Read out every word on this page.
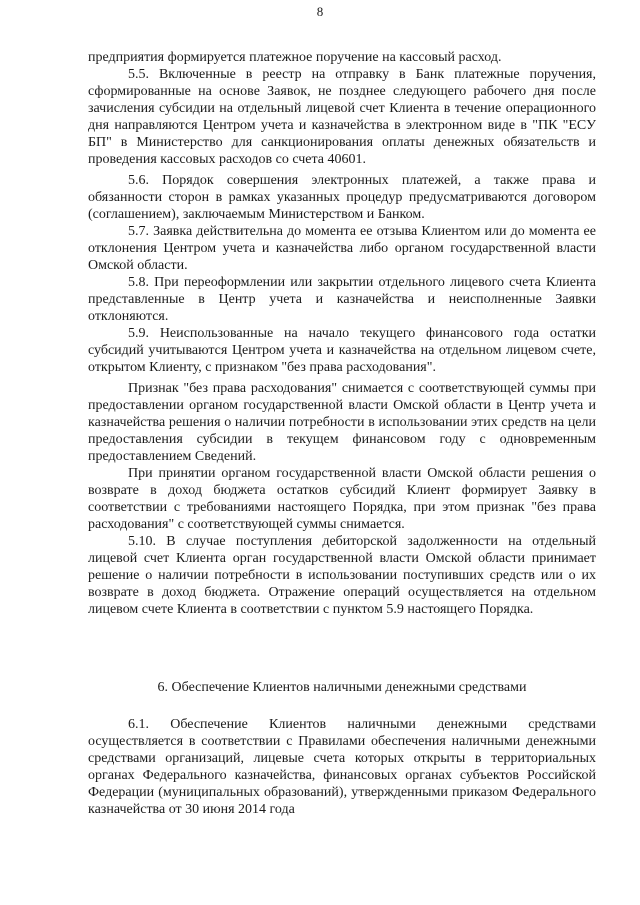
8

предприятия формируется платежное поручение на кассовый расход.

5.5. Включенные в реестр на отправку в Банк платежные поручения, сформированные на основе Заявок, не позднее следующего рабочего дня после зачисления субсидии на отдельный лицевой счет Клиента в течение операционного дня направляются Центром учета и казначейства в электронном виде в "ПК "ЕСУ БП" в Министерство для санкционирования оплаты денежных обязательств и проведения кассовых расходов со счета 40601.

5.6. Порядок совершения электронных платежей, а также права и обязанности сторон в рамках указанных процедур предусматриваются договором (соглашением), заключаемым Министерством и Банком.

5.7. Заявка действительна до момента ее отзыва Клиентом или до момента ее отклонения Центром учета и казначейства либо органом государственной власти Омской области.

5.8. При переоформлении или закрытии отдельного лицевого счета Клиента представленные в Центр учета и казначейства и неисполненные Заявки отклоняются.

5.9. Неиспользованные на начало текущего финансового года остатки субсидий учитываются Центром учета и казначейства на отдельном лицевом счете, открытом Клиенту, с признаком "без права расходования".

Признак "без права расходования" снимается с соответствующей суммы при предоставлении органом государственной власти Омской области в Центр учета и казначейства решения о наличии потребности в использовании этих средств на цели предоставления субсидии в текущем финансовом году с одновременным предоставлением Сведений.

При принятии органом государственной власти Омской области решения о возврате в доход бюджета остатков субсидий Клиент формирует Заявку в соответствии с требованиями настоящего Порядка, при этом признак "без права расходования" с соответствующей суммы снимается.

5.10. В случае поступления дебиторской задолженности на отдельный лицевой счет Клиента орган государственной власти Омской области принимает решение о наличии потребности в использовании поступивших средств или о их возврате в доход бюджета. Отражение операций осуществляется на отдельном лицевом счете Клиента в соответствии с пунктом 5.9 настоящего Порядка.

6. Обеспечение Клиентов наличными денежными средствами

6.1. Обеспечение Клиентов наличными денежными средствами осуществляется в соответствии с Правилами обеспечения наличными денежными средствами организаций, лицевые счета которых открыты в территориальных органах Федерального казначейства, финансовых органах субъектов Российской Федерации (муниципальных образований), утвержденными приказом Федерального казначейства от 30 июня 2014 года
